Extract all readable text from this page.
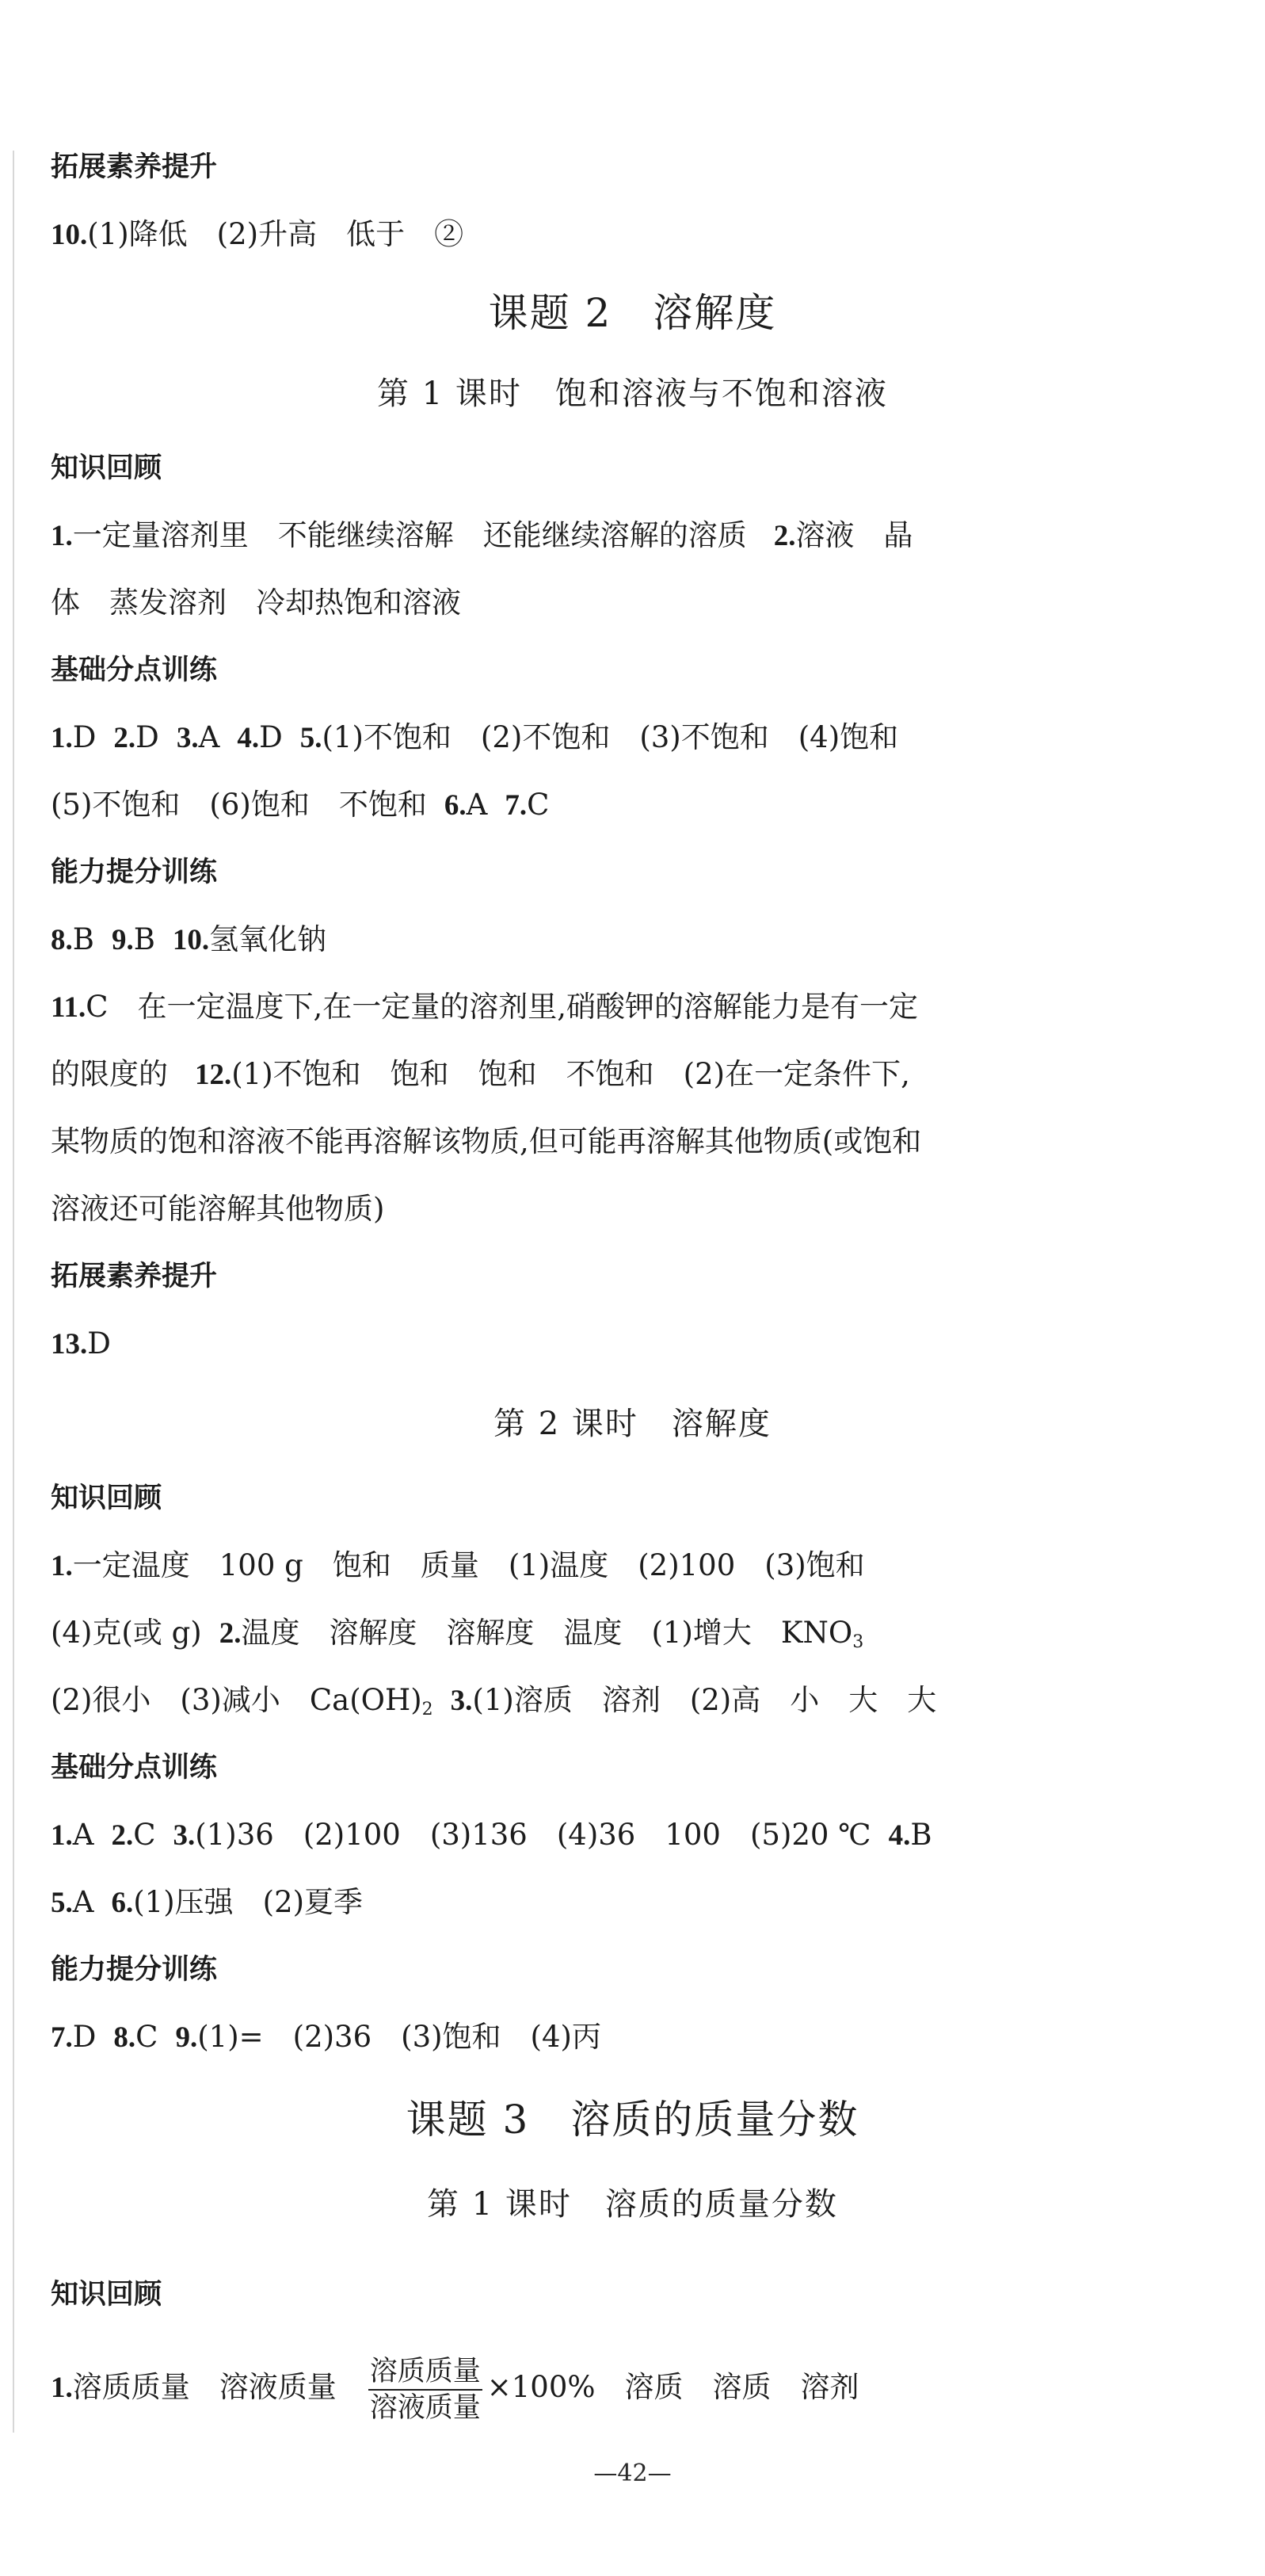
拓展素养提升
10.(1)降低　(2)升高　低于　②
课题 2　溶解度
第 1 课时　饱和溶液与不饱和溶液
知识回顾
1.一定量溶剂里　不能继续溶解　还能继续溶解的溶质 2.溶液　晶
体　蒸发溶剂　冷却热饱和溶液
基础分点训练
1.D 2.D 3.A 4.D 5.(1)不饱和　(2)不饱和　(3)不饱和　(4)饱和
(5)不饱和　(6)饱和　不饱和 6.A 7.C
能力提分训练
8.B 9.B 10.氢氧化钠
11.C　在一定温度下,在一定量的溶剂里,硝酸钾的溶解能力是有一定
的限度的 12.(1)不饱和　饱和　饱和　不饱和　(2)在一定条件下,
某物质的饱和溶液不能再溶解该物质,但可能再溶解其他物质(或饱和
溶液还可能溶解其他物质)
拓展素养提升
13.D
第 2 课时　溶解度
知识回顾
1.一定温度　100 g　饱和　质量　(1)温度　(2)100　(3)饱和
(4)克(或 g) 2.温度　溶解度　溶解度　温度　(1)增大　$KNO_3$
(2)很小　(3)减小　$Ca(OH)_2$ 3.(1)溶质　溶剂　(2)高　小　大　大
基础分点训练
1.A 2.C 3.(1)36　(2)100　(3)136　(4)36　100　(5)20 ℃ 4.B
5.A 6.(1)压强　(2)夏季
能力提分训练
7.D 8.C 9.(1)=　(2)36　(3)饱和　(4)丙
课题 3　溶质的质量分数
第 1 课时　溶质的质量分数
知识回顾
1.溶质质量　溶液质量 $\frac{\text{溶质质量}}{\text{溶液质量}} \times 100\%$　溶质　溶质　溶剂
—42—
